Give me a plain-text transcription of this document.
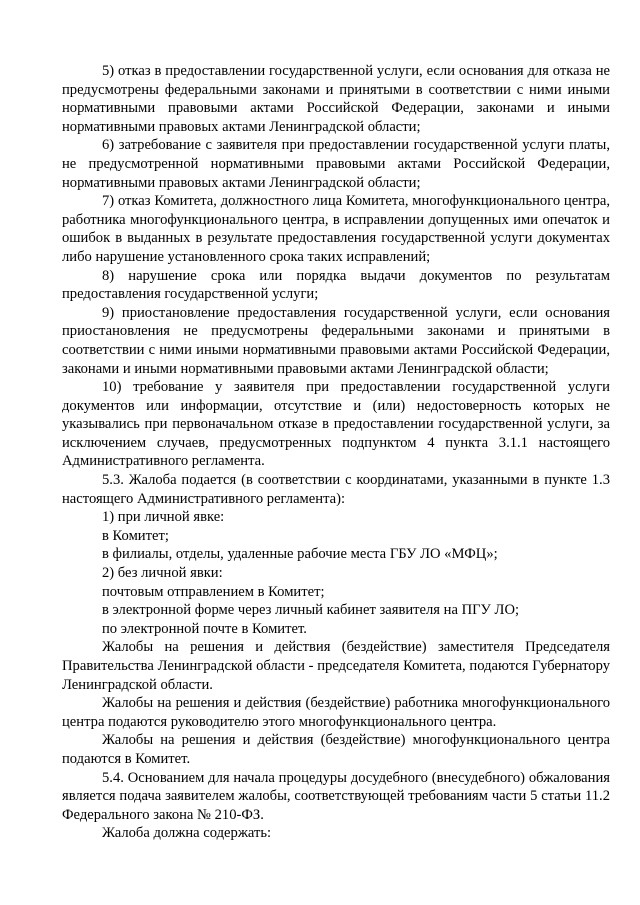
5) отказ в предоставлении государственной услуги, если основания для отказа не предусмотрены федеральными законами и принятыми в соответствии с ними иными нормативными правовыми актами Российской Федерации, законами и иными нормативными правовых актами Ленинградской области;

6) затребование с заявителя при предоставлении государственной услуги платы, не предусмотренной нормативными правовыми актами Российской Федерации, нормативными правовых актами Ленинградской области;

7) отказ Комитета, должностного лица Комитета, многофункционального центра, работника многофункционального центра, в исправлении допущенных ими опечаток и ошибок в выданных в результате предоставления государственной услуги документах либо нарушение установленного срока таких исправлений;

8) нарушение срока или порядка выдачи документов по результатам предоставления государственной услуги;

9) приостановление предоставления государственной услуги, если основания приостановления не предусмотрены федеральными законами и принятыми в соответствии с ними иными нормативными правовыми актами Российской Федерации, законами и иными нормативными правовыми актами Ленинградской области;

10) требование у заявителя при предоставлении государственной услуги документов или информации, отсутствие и (или) недостоверность которых не указывались при первоначальном отказе в предоставлении государственной услуги, за исключением случаев, предусмотренных подпунктом 4 пункта 3.1.1 настоящего Административного регламента.

5.3. Жалоба подается (в соответствии с координатами, указанными в пункте 1.3 настоящего Административного регламента):

1) при личной явке:

в Комитет;

в филиалы, отделы, удаленные рабочие места ГБУ ЛО «МФЦ»;

2) без личной явки:

почтовым отправлением в Комитет;

в электронной форме через личный кабинет заявителя на ПГУ ЛО;

по электронной почте в Комитет.

Жалобы на решения и действия (бездействие) заместителя Председателя Правительства Ленинградской области - председателя Комитета, подаются Губернатору Ленинградской области.

Жалобы на решения и действия (бездействие) работника многофункционального центра подаются руководителю этого многофункционального центра.

Жалобы на решения и действия (бездействие) многофункционального центра подаются в Комитет.

5.4. Основанием для начала процедуры досудебного (внесудебного) обжалования является подача заявителем жалобы, соответствующей требованиям части 5 статьи 11.2 Федерального закона № 210-ФЗ.

Жалоба должна содержать:
